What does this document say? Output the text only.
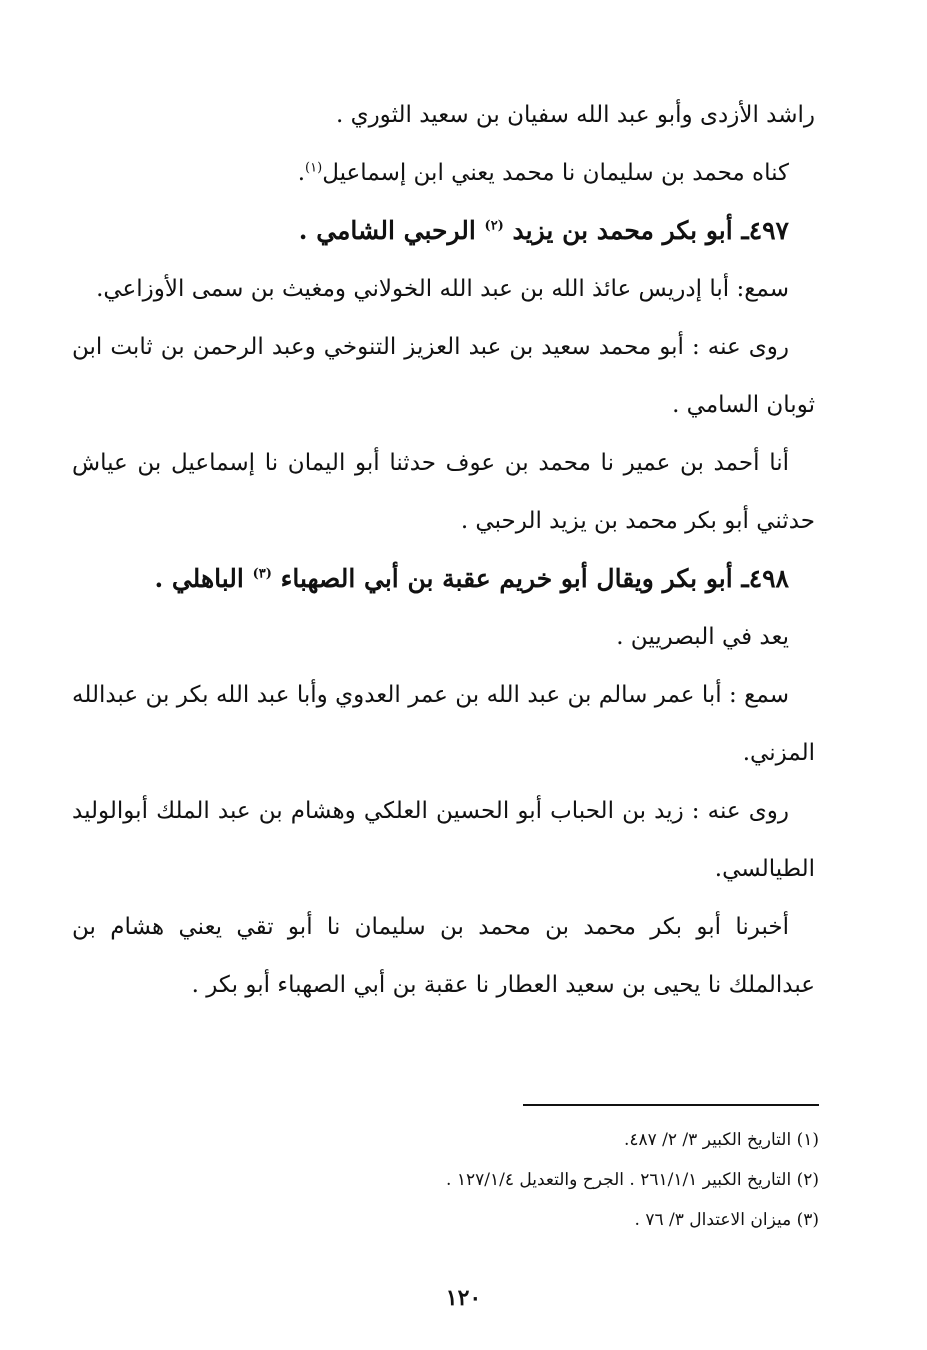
راشد الأزدى وأبو عبد الله سفيان بن سعيد الثوري .

كناه محمد بن سليمان نا محمد يعني ابن إسماعيل$^{(١)}$.

٤٩٧ـ أبو بكر محمد بن يزيد $^{(٢)}$ الرحبي الشامي .

سمع: أبا إدريس عائذ الله بن عبد الله الخولاني ومغيث بن سمى الأوزاعي.

روى عنه : أبو محمد سعيد بن عبد العزيز التنوخي وعبد الرحمن بن ثابت ابن ثوبان السامي .

أنا أحمد بن عمير نا محمد بن عوف حدثنا أبو اليمان نا إسماعيل بن عياش حدثني أبو بكر محمد بن يزيد الرحبي .

٤٩٨ـ أبو بكر ويقال أبو خريم عقبة بن أبي الصهباء $^{(٣)}$ الباهلي .

يعد في البصريين .

سمع : أبا عمر سالم بن عبد الله بن عمر العدوي وأبا عبد الله بكر بن عبدالله المزني.

روى عنه : زيد بن الحباب أبو الحسين العلكي وهشام بن عبد الملك أبوالوليد الطيالسي.

أخبرنا أبو بكر محمد بن محمد بن سليمان نا أبو تقي يعني هشام بن عبدالملك نا يحيى بن سعيد العطار نا عقبة بن أبي الصهباء أبو بكر .

(١) التاريخ الكبير ٣/ ٢/ ٤٨٧.

(٢) التاريخ الكبير ٢٦١/١/١ . الجرح والتعديل ١٢٧/١/٤ .

(٣) ميزان الاعتدال ٣/ ٧٦ .

١٢٠
